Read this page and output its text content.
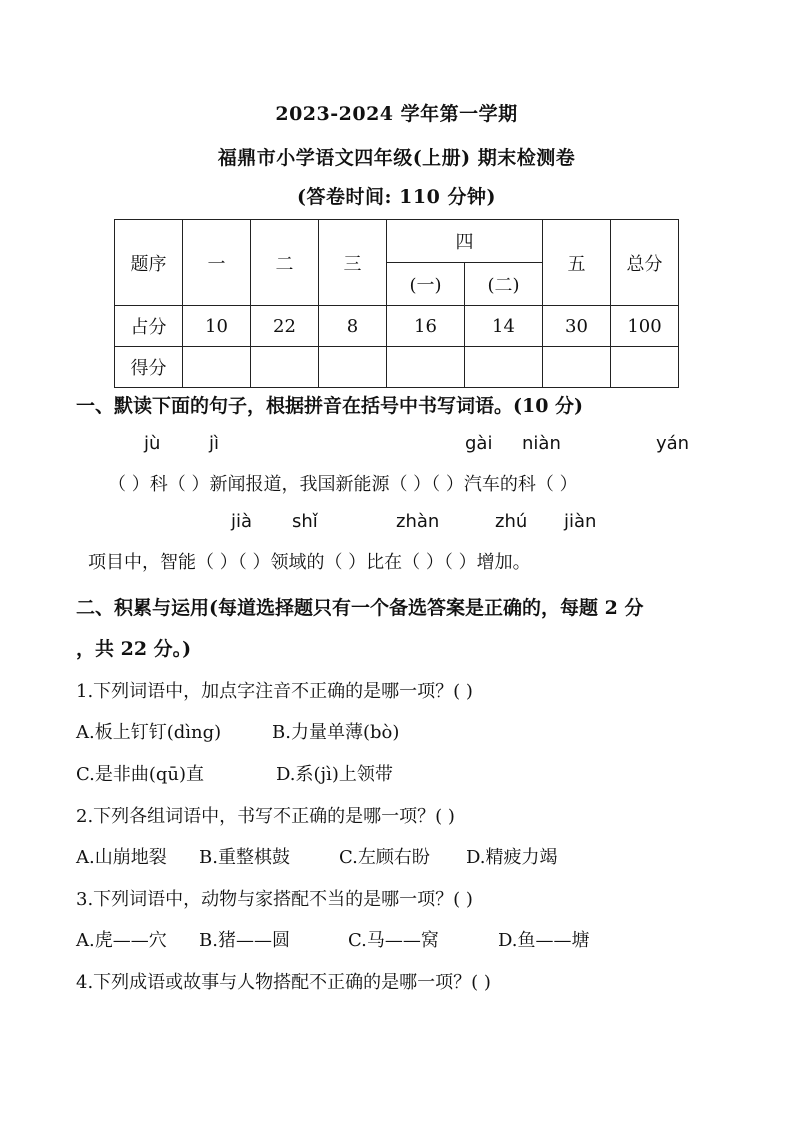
2023-2024 学年第一学期
福鼎市小学语文四年级(上册) 期末检测卷
(答卷时间: 110 分钟)
题序	一	二	三	四		五	总分
				(一)	(二)		
占分	10	22	8	16	14	30	100
得分							
一、默读下面的句子，根据拼音在括号中书写词语。(10 分)
jù	jì	gài niàn	yán
（ ）科（ ）新闻报道，我国新能源（ ）（ ）汽车的科（ ）
jià shǐ	zhàn	zhú jiàn
项目中，智能（ ）（ ）领域的（ ）比在（ ）（ ）增加。
二、积累与运用(每道选择题只有一个备选答案是正确的，每题 2 分
，共 22 分。)
1.下列词语中，加点字注音不正确的是哪一项？( )
A.板上钉钉(dìng)	B.力量单薄(bò)
C.是非曲(qū)直	D.系(jì)上领带
2.下列各组词语中，书写不正确的是哪一项？( )
A.山崩地裂 B.重整棋鼓	C.左顾右盼 D.精疲力竭
3.下列词语中，动物与家搭配不当的是哪一项？( )
A.虎——穴 B.猪——圆	C.马——窝	D.鱼——塘
4.下列成语或故事与人物搭配不正确的是哪一项？( )
